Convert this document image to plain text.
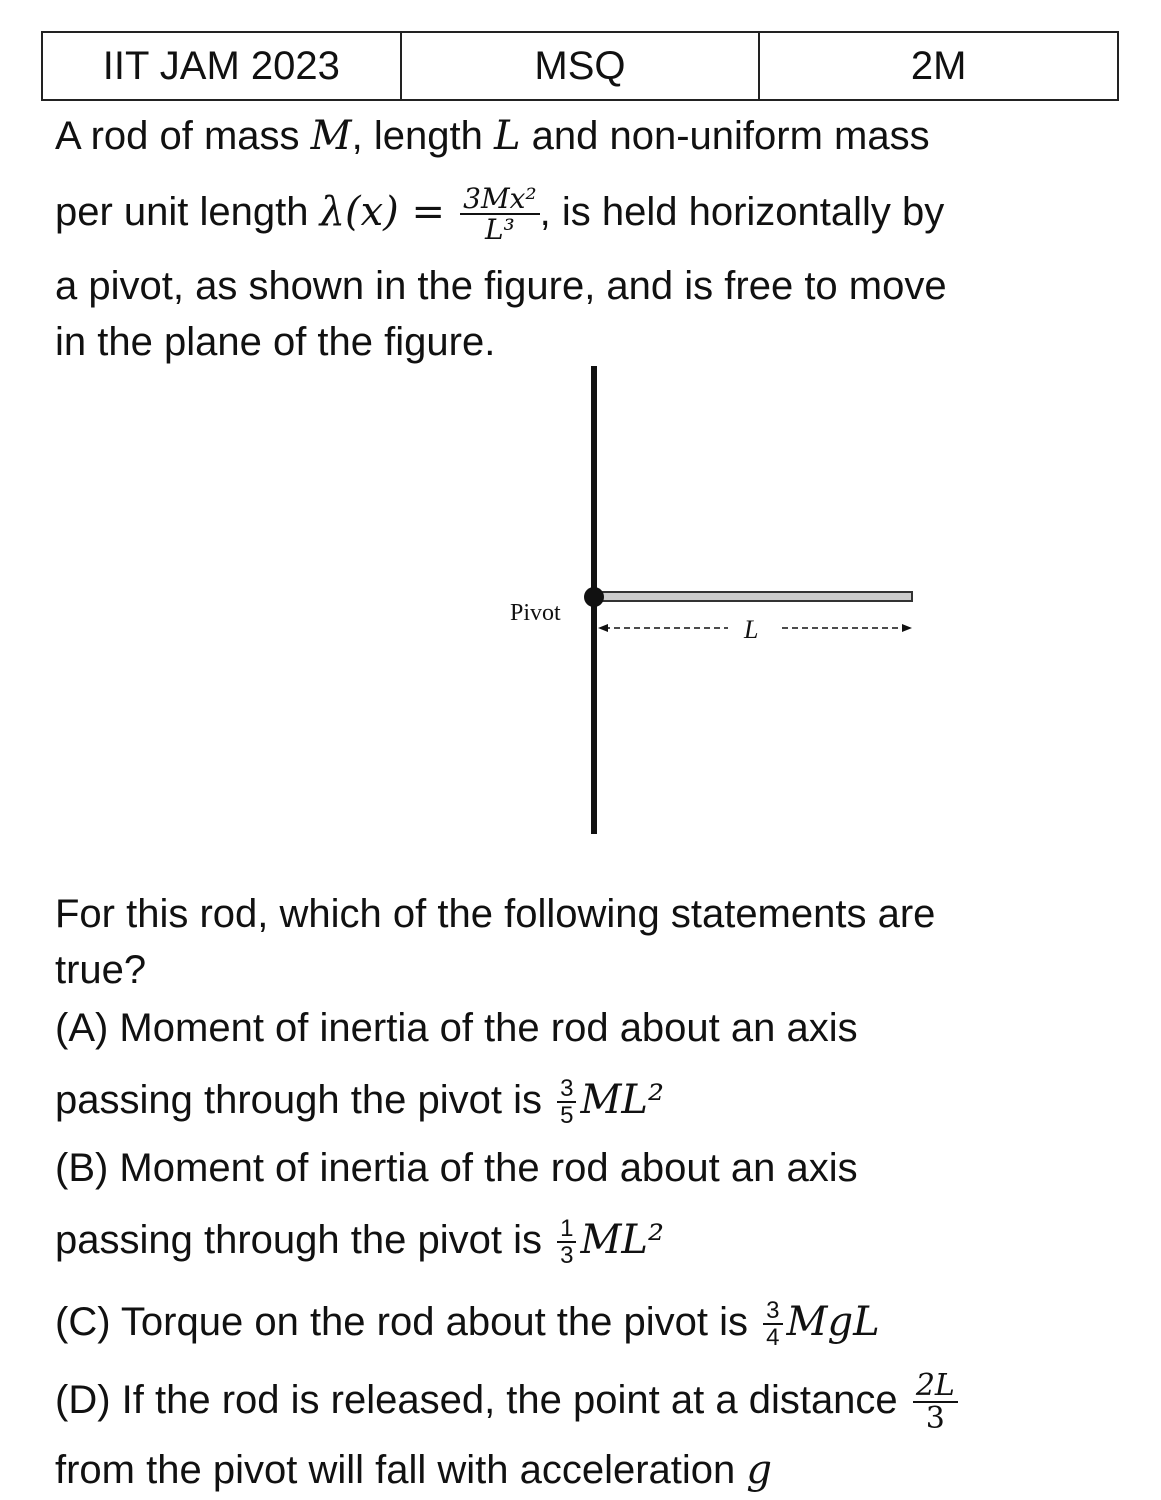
IIT JAM 2023	MSQ	2M
A rod of mass M, length L and non-uniform mass
per unit length $\lambda(x) = \frac{\text{3Mx²}}{\text{L³}}$ , is held horizontally by
a pivot, as shown in the figure, and is free to move
in the plane of the figure.
Pivot
L
For this rod, which of the following statements are
true?
(A) Moment of inertia of the rod about an axis
passing through the pivot is $\frac{3}{5} ML^2$
(B) Moment of inertia of the rod about an axis
passing through the pivot is $\frac{1}{3} ML^2$
(C) Torque on the rod about the pivot is $\frac{3}{4}$ MgL
(D) If the rod is released, the point at a distance $\frac{2L}{3}$
from the pivot will fall with acceleration g
